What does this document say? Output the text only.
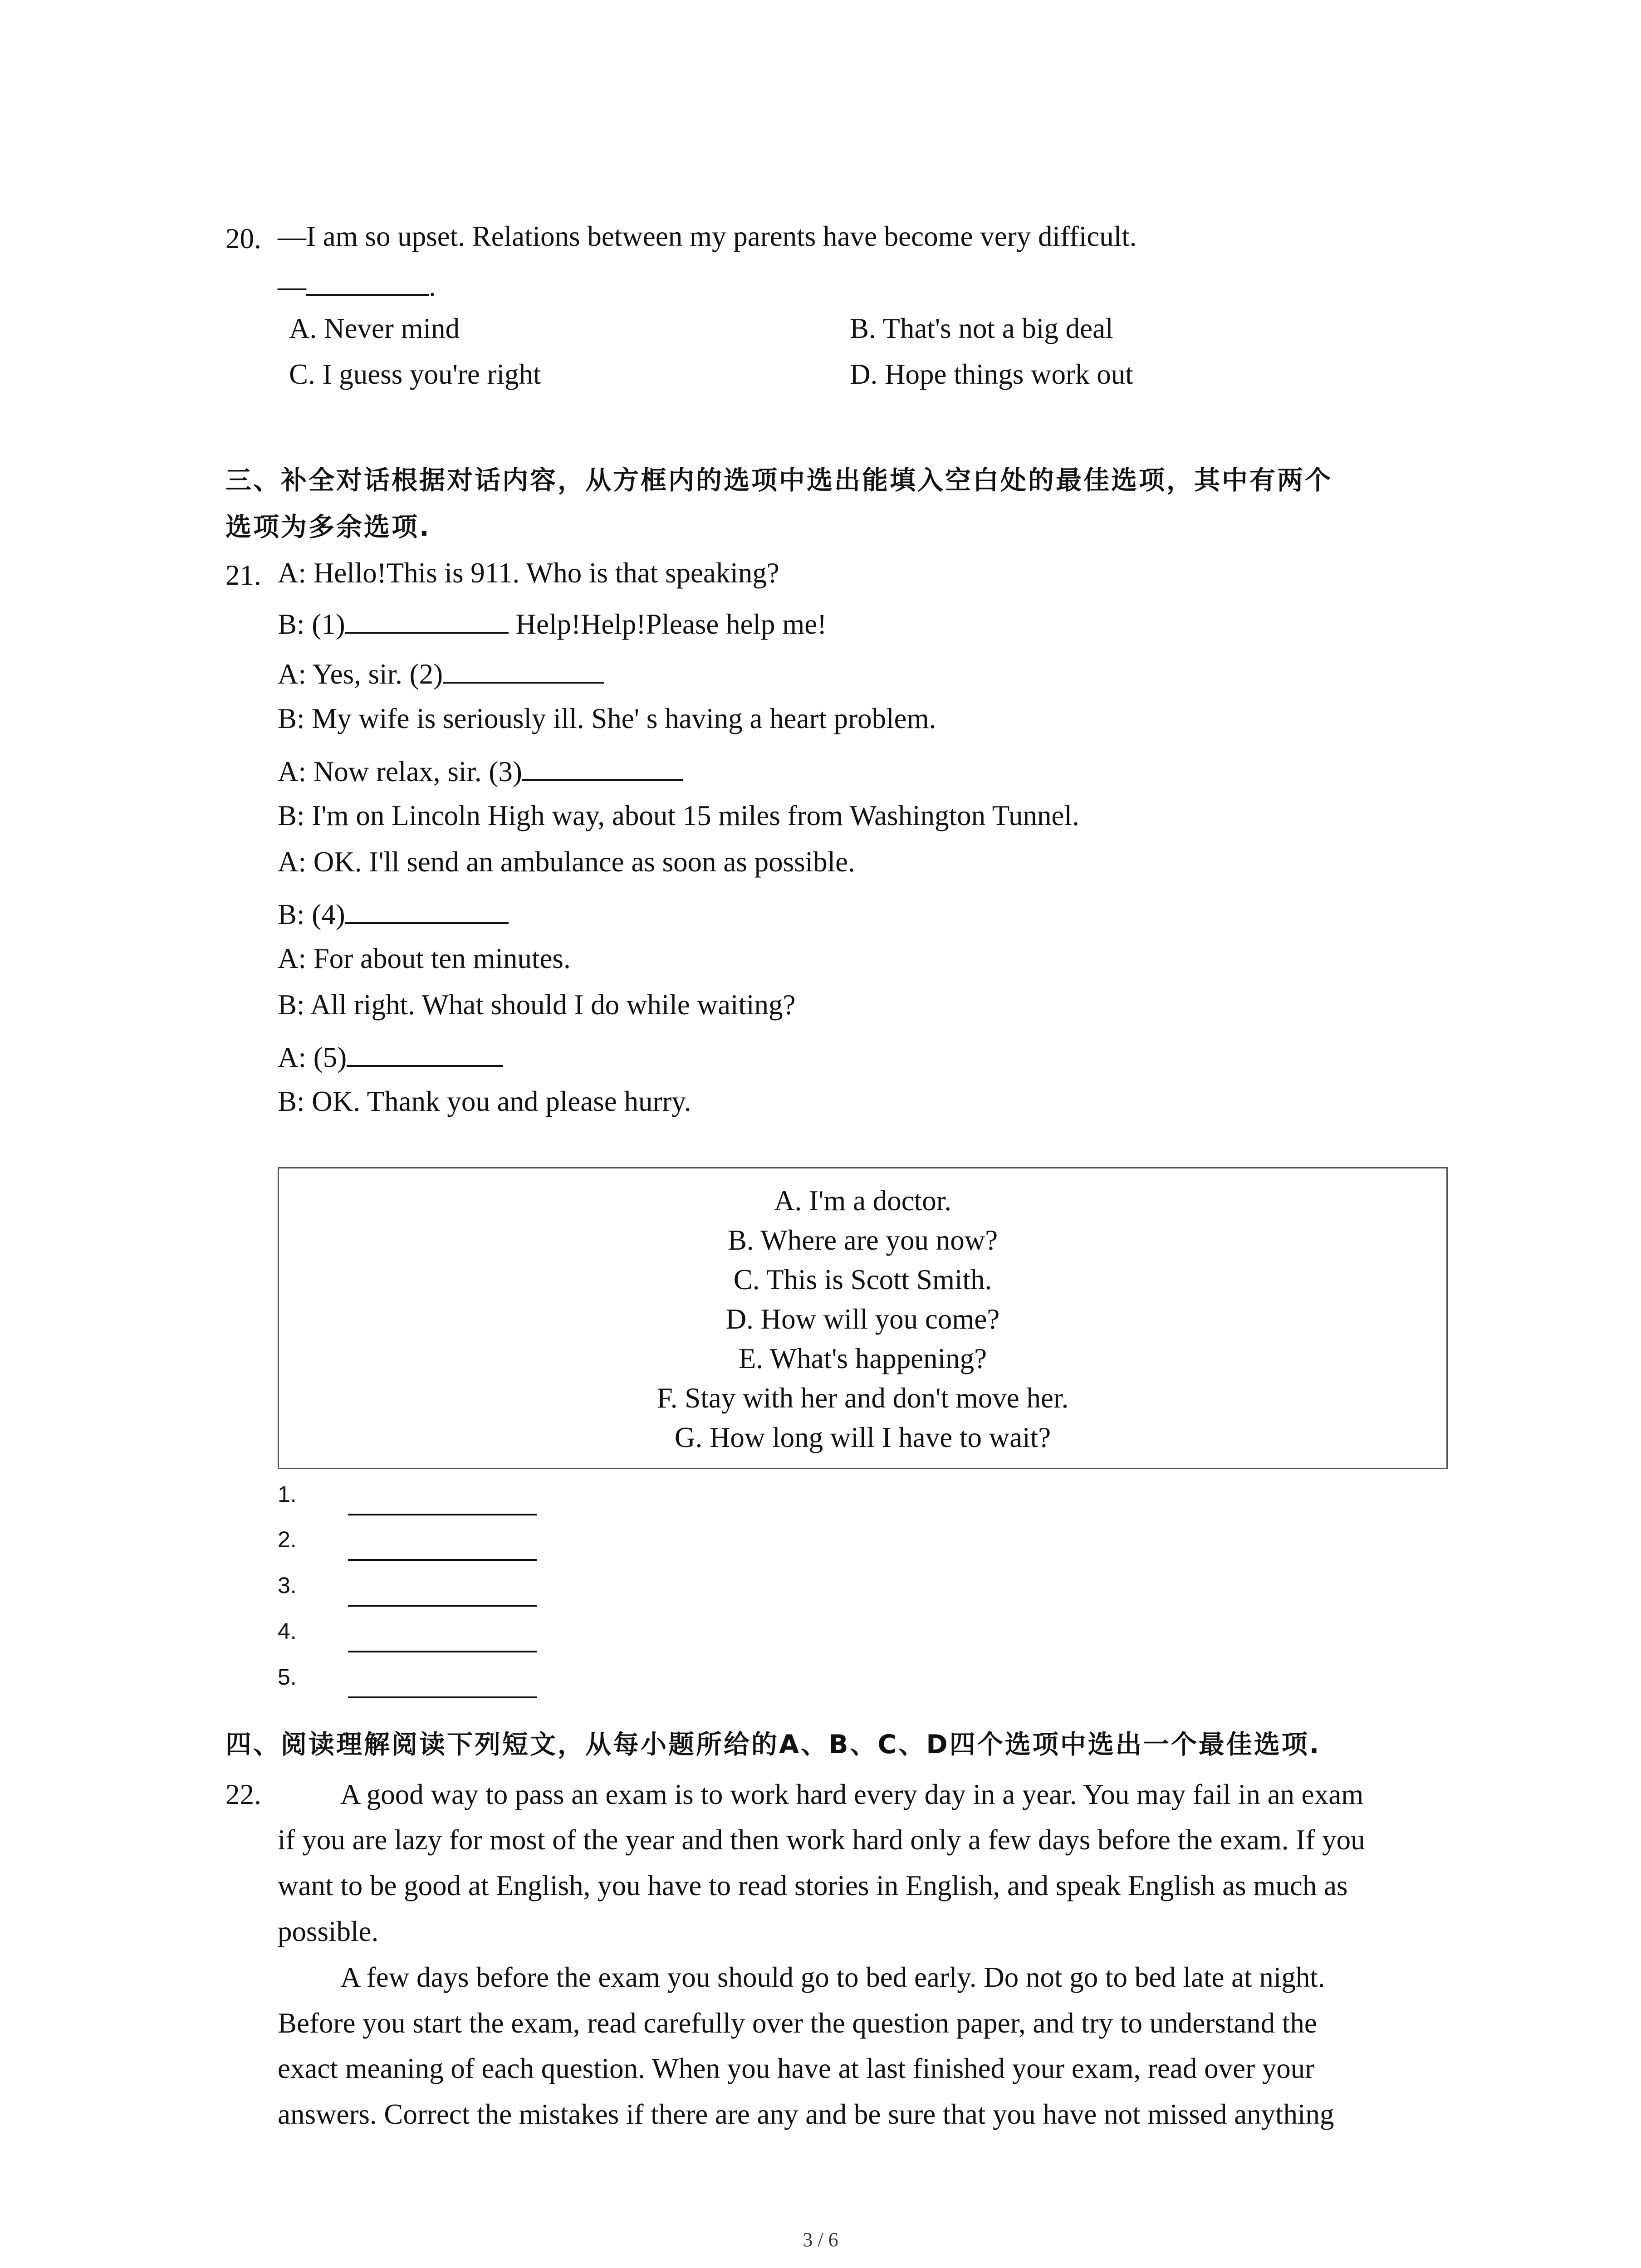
20. —I am so upset. Relations between my parents have become very difficult.
—	.
A. Never mind	B. That's not a big deal
C. I guess you're right	D. Hope things work out
三、补全对话根据对话内容，从方框内的选项中选出能填入空白处的最佳选项，其中有两个
选项为多余选项.
21. A: Hello!This is 911. Who is that speaking?
B: (1)	Help!Help!Please help me!
A: Yes, sir. (2)
B: My wife is seriously ill. She' s having a heart problem.
A: Now relax, sir. (3)
B: I'm on Lincoln High way, about 15 miles from Washington Tunnel.
A: OK. I'll send an ambulance as soon as possible.
B: (4)
A: For about ten minutes.
B: All right. What should I do while waiting?
A: (5)
B: OK. Thank you and please hurry.
A. I'm a doctor.
B. Where are you now?
C. This is Scott Smith.
D. How will you come?
E. What's happening?
F. Stay with her and don't move her.
G. How long will I have to wait?
1.
2.
3.
4.
5.
四、阅读理解阅读下列短文，从每小题所给的A、B、C、D四个选项中选出一个最佳选项.
22.	A good way to pass an exam is to work hard every day in a year. You may fail in an exam
if you are lazy for most of the year and then work hard only a few days before the exam. If you
want to be good at English, you have to read stories in English, and speak English as much as
possible.
A few days before the exam you should go to bed early. Do not go to bed late at night.
Before you start the exam, read carefully over the question paper, and try to understand the
exact meaning of each question. When you have at last finished your exam, read over your
answers. Correct the mistakes if there are any and be sure that you have not missed anything
3 / 6
